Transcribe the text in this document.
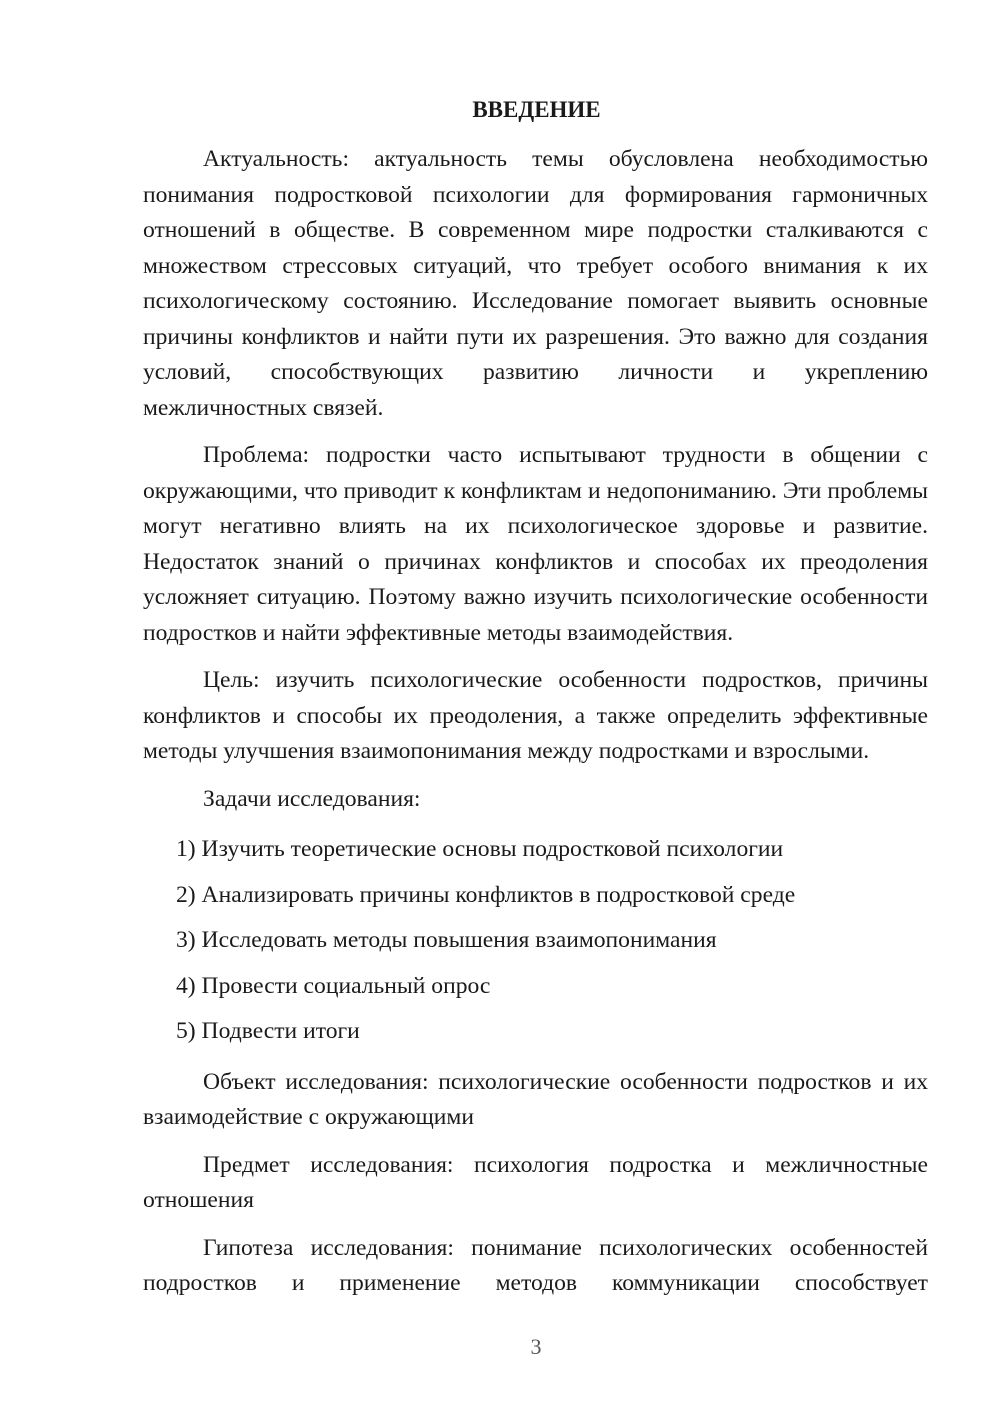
ВВЕДЕНИЕ

Актуальность: актуальность темы обусловлена необходимостью понимания подростковой психологии для формирования гармоничных отношений в обществе. В современном мире подростки сталкиваются с множеством стрессовых ситуаций, что требует особого внимания к их психологическому состоянию. Исследование помогает выявить основные причины конфликтов и найти пути их разрешения. Это важно для создания условий, способствующих развитию личности и укреплению межличностных связей.

Проблема: подростки часто испытывают трудности в общении с окружающими, что приводит к конфликтам и недопониманию. Эти проблемы могут негативно влиять на их психологическое здоровье и развитие. Недостаток знаний о причинах конфликтов и способах их преодоления усложняет ситуацию. Поэтому важно изучить психологические особенности подростков и найти эффективные методы взаимодействия.

Цель: изучить психологические особенности подростков, причины конфликтов и способы их преодоления, а также определить эффективные методы улучшения взаимопонимания между подростками и взрослыми.

Задачи исследования:

1) Изучить теоретические основы подростковой психологии
2) Анализировать причины конфликтов в подростковой среде
3) Исследовать методы повышения взаимопонимания
4) Провести социальный опрос
5) Подвести итоги

Объект исследования: психологические особенности подростков и их взаимодействие с окружающими

Предмет исследования: психология подростка и межличностные отношения

Гипотеза исследования: понимание психологических особенностей подростков и применение методов коммуникации способствует

3
